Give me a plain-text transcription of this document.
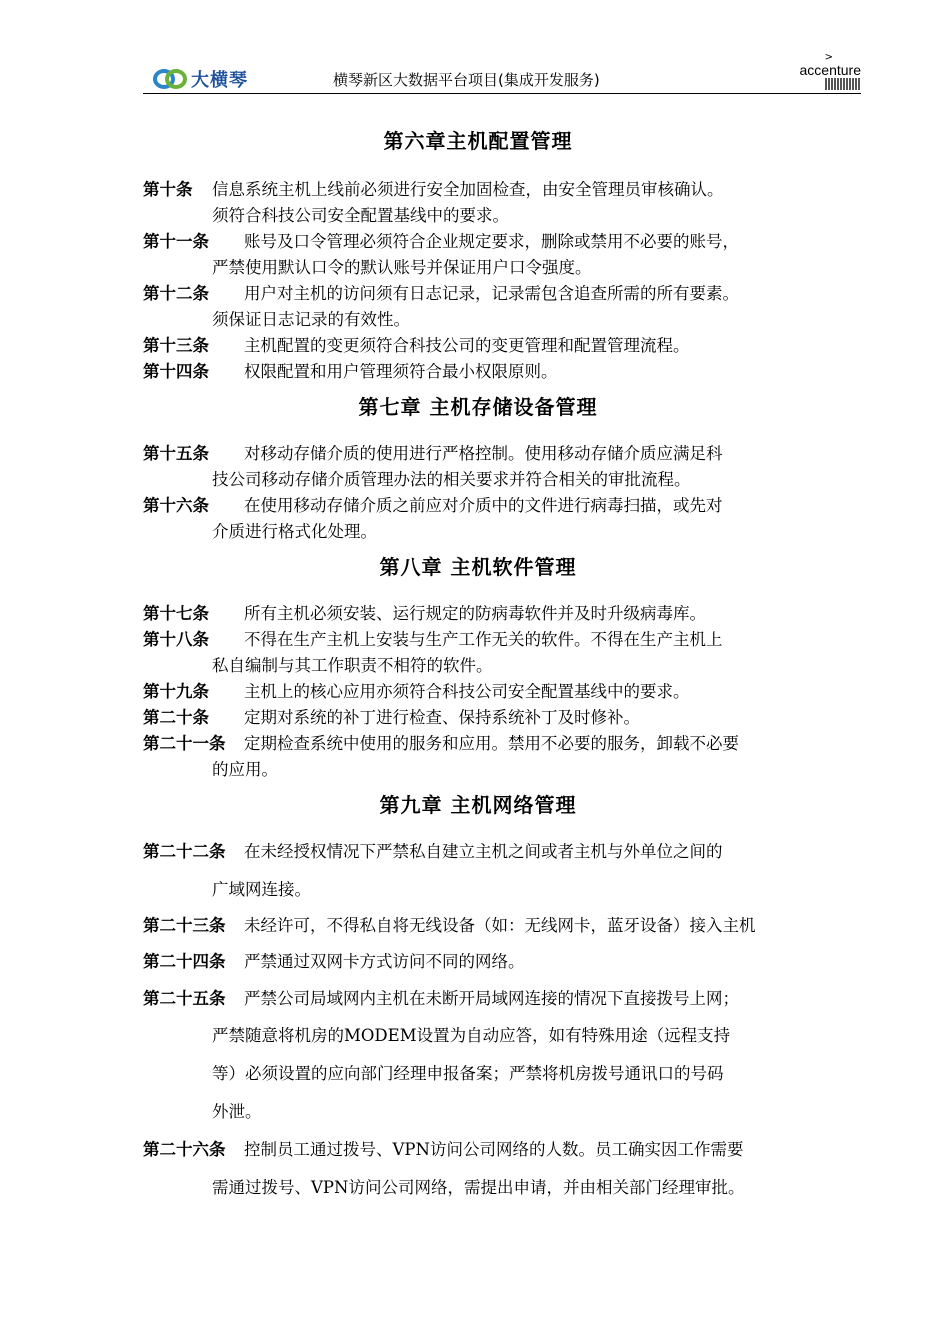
大横琴	横琴新区大数据平台项目(集成开发服务)
>
accenture
第六章主机配置管理
第十条 信息系统主机上线前必须进行安全加固检查，由安全管理员审核确认。
须符合科技公司安全配置基线中的要求。
第十一条 账号及口令管理必须符合企业规定要求，删除或禁用不必要的账号，
严禁使用默认口令的默认账号并保证用户口令强度。
第十二条 用户对主机的访问须有日志记录，记录需包含追查所需的所有要素。
须保证日志记录的有效性。
第十三条 主机配置的变更须符合科技公司的变更管理和配置管理流程。
第十四条 权限配置和用户管理须符合最小权限原则。
第七章 主机存储设备管理
第十五条 对移动存储介质的使用进行严格控制。使用移动存储介质应满足科
技公司移动存储介质管理办法的相关要求并符合相关的审批流程。
第十六条 在使用移动存储介质之前应对介质中的文件进行病毒扫描，或先对
介质进行格式化处理。
第八章 主机软件管理
第十七条 所有主机必须安装、运行规定的防病毒软件并及时升级病毒库。
第十八条 不得在生产主机上安装与生产工作无关的软件。不得在生产主机上
私自编制与其工作职责不相符的软件。
第十九条 主机上的核心应用亦须符合科技公司安全配置基线中的要求。
第二十条 定期对系统的补丁进行检查、保持系统补丁及时修补。
第二十一条 定期检查系统中使用的服务和应用。禁用不必要的服务，卸载不必要
的应用。
第九章 主机网络管理
第二十二条 在未经授权情况下严禁私自建立主机之间或者主机与外单位之间的
广域网连接。
第二十三条 未经许可，不得私自将无线设备（如：无线网卡，蓝牙设备）接入主机
第二十四条 严禁通过双网卡方式访问不同的网络。
第二十五条 严禁公司局域网内主机在未断开局域网连接的情况下直接拨号上网；
严禁随意将机房的MODEM设置为自动应答，如有特殊用途（远程支持
等）必须设置的应向部门经理申报备案；严禁将机房拨号通讯口的号码
外泄。
第二十六条 控制员工通过拨号、VPN访问公司网络的人数。员工确实因工作需要
需通过拨号、VPN访问公司网络，需提出申请，并由相关部门经理审批。
